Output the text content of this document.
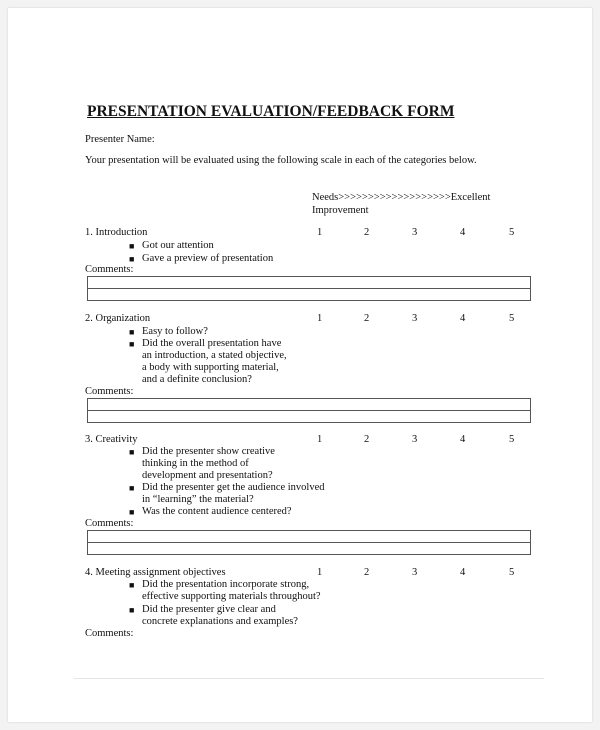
PRESENTATION EVALUATION/FEEDBACK FORM
Presenter Name:
Your presentation will be evaluated using the following scale in each of the categories below.
Needs>>>>>>>>>>>>>>>>>>>Excellent
Improvement
1. Introduction	1	2	3	4	5
■ Got our attention
■ Gave a preview of presentation
Comments:
2. Organization	1	2	3	4	5
■ Easy to follow?
■ Did the overall presentation have
an introduction, a stated objective,
a body with supporting material,
and a definite conclusion?
Comments:
3. Creativity	1	2	3	4	5
■ Did the presenter show creative
thinking in the method of
development and presentation?
■ Did the presenter get the audience involved
in “learning” the material?
■ Was the content audience centered?
Comments:
4. Meeting assignment objectives	1	2	3	4	5
■ Did the presentation incorporate strong,
effective supporting materials throughout?
■ Did the presenter give clear and
concrete explanations and examples?
Comments:
